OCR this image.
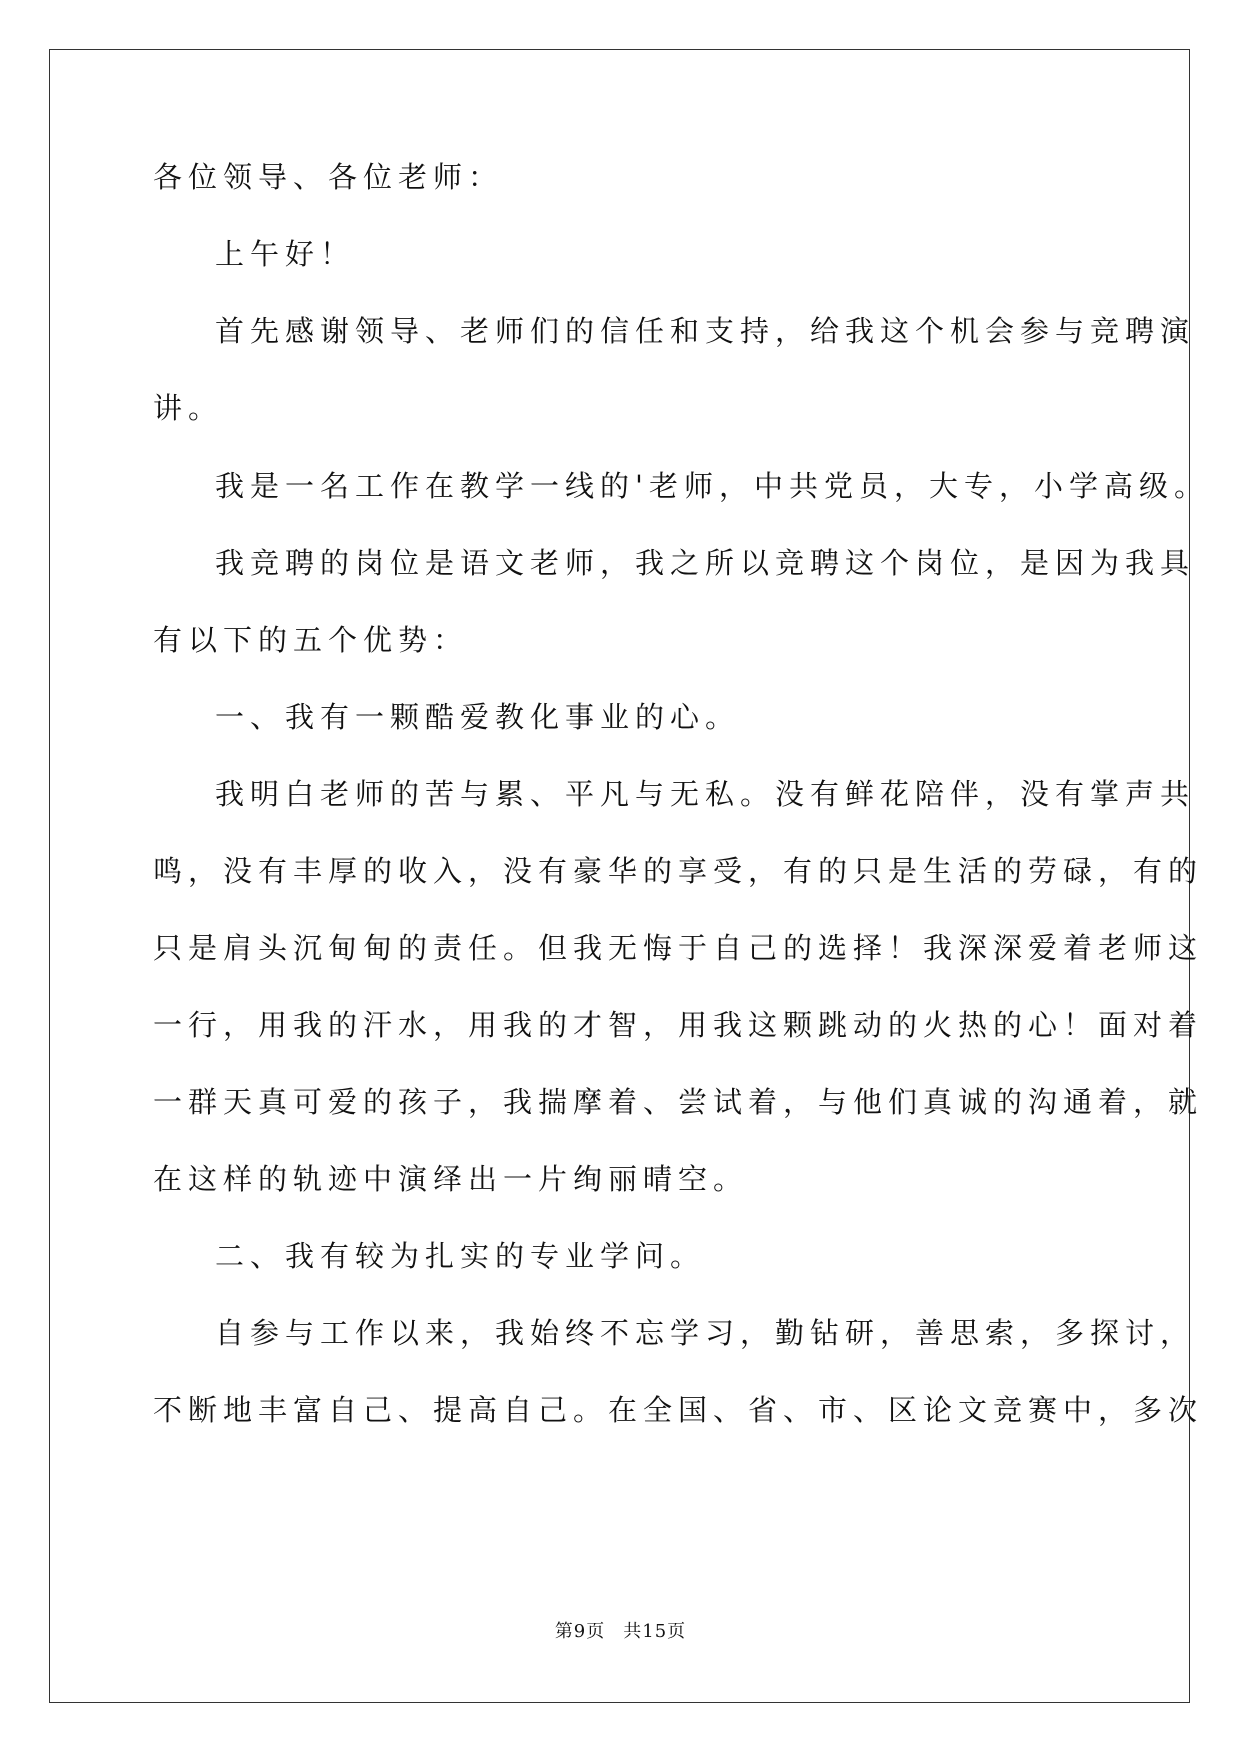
各位领导、各位老师：
上午好！
首先感谢领导、老师们的信任和支持，给我这个机会参与竞聘演
讲。
我是一名工作在教学一线的'老师，中共党员，大专，小学高级。
我竞聘的岗位是语文老师，我之所以竞聘这个岗位，是因为我具
有以下的五个优势：
一、我有一颗酷爱教化事业的心。
我明白老师的苦与累、平凡与无私。没有鲜花陪伴，没有掌声共
鸣，没有丰厚的收入，没有豪华的享受，有的只是生活的劳碌，有的
只是肩头沉甸甸的责任。但我无悔于自己的选择！我深深爱着老师这
一行，用我的汗水，用我的才智，用我这颗跳动的火热的心！面对着
一群天真可爱的孩子，我揣摩着、尝试着，与他们真诚的沟通着，就
在这样的轨迹中演绎出一片绚丽晴空。
二、我有较为扎实的专业学问。
自参与工作以来，我始终不忘学习，勤钻研，善思索，多探讨，
不断地丰富自己、提高自己。在全国、省、市、区论文竞赛中，多次
第9页 共15页
